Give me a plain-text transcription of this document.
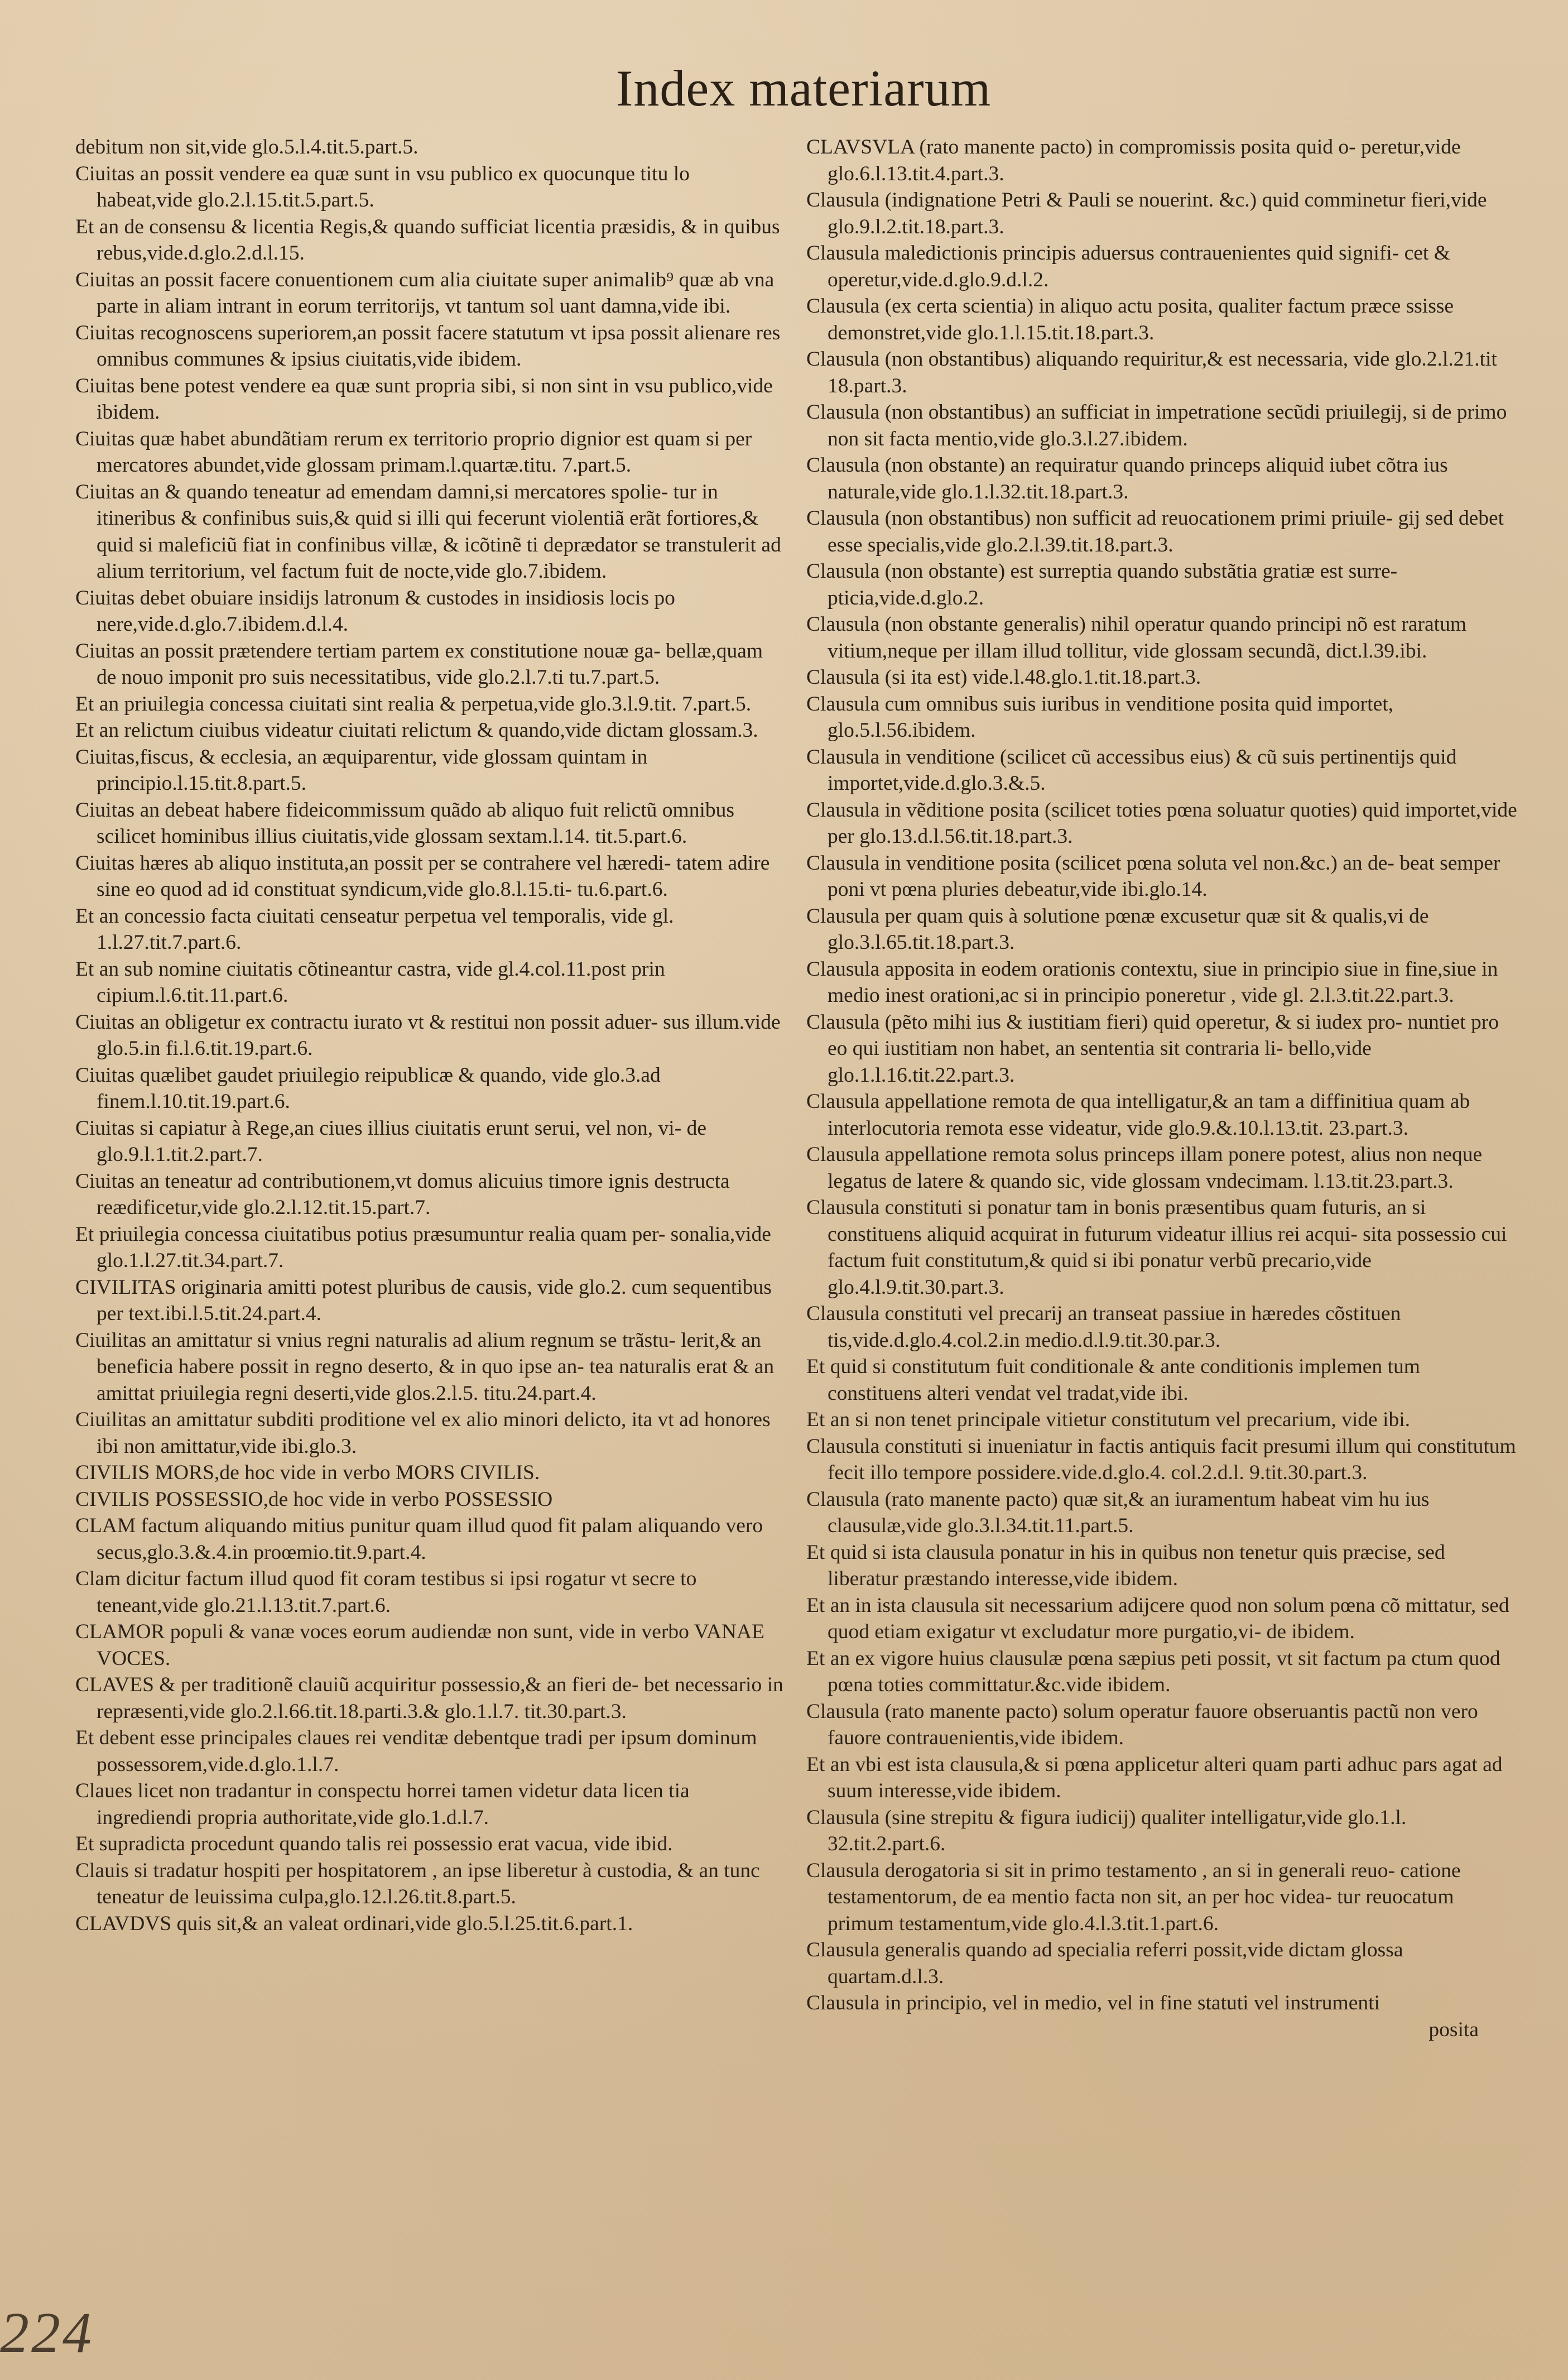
Index materiarum
debitum non sit,vide glo.5.l.4.tit.5.part.5.
Ciuitas an possit vendere ea quæ sunt in vsu publico ex quocunque titu lo habeat,vide glo.2.l.15.tit.5.part.5.
Et an de consensu & licentia Regis,& quando sufficiat licentia præsidis, & in quibus rebus,vide.d.glo.2.d.l.15.
Ciuitas an possit facere conuentionem cum alia ciuitate super animalib⁹ quæ ab vna parte in aliam intrant in eorum territorijs, vt tantum sol uant damna,vide ibi.
Ciuitas recognoscens superiorem,an possit facere statutum vt ipsa possit alienare res omnibus communes & ipsius ciuitatis,vide ibidem.
Ciuitas bene potest vendere ea quæ sunt propria sibi, si non sint in vsu publico,vide ibidem.
Ciuitas quæ habet abundãtiam rerum ex territorio proprio dignior est quam si per mercatores abundet,vide glossam primam.l.quartæ.titu. 7.part.5.
Ciuitas an & quando teneatur ad emendam damni,si mercatores spolie- tur in itineribus & confinibus suis,& quid si illi qui fecerunt violentiã erãt fortiores,& quid si maleficiũ fiat in confinibus villæ, & icõtinẽ ti deprædator se transtulerit ad alium territorium, vel factum fuit de nocte,vide glo.7.ibidem.
Ciuitas debet obuiare insidijs latronum & custodes in insidiosis locis po nere,vide.d.glo.7.ibidem.d.l.4.
Ciuitas an possit prætendere tertiam partem ex constitutione nouæ ga- bellæ,quam de nouo imponit pro suis necessitatibus, vide glo.2.l.7.ti tu.7.part.5.
Et an priuilegia concessa ciuitati sint realia & perpetua,vide glo.3.l.9.tit. 7.part.5.
Et an relictum ciuibus videatur ciuitati relictum & quando,vide dictam glossam.3.
Ciuitas,fiscus, & ecclesia, an æquiparentur, vide glossam quintam in principio.l.15.tit.8.part.5.
Ciuitas an debeat habere fideicommissum quãdo ab aliquo fuit relictũ omnibus scilicet hominibus illius ciuitatis,vide glossam sextam.l.14. tit.5.part.6.
Ciuitas hæres ab aliquo instituta,an possit per se contrahere vel hæredi- tatem adire sine eo quod ad id constituat syndicum,vide glo.8.l.15.ti- tu.6.part.6.
Et an concessio facta ciuitati censeatur perpetua vel temporalis, vide gl. 1.l.27.tit.7.part.6.
Et an sub nomine ciuitatis cõtineantur castra, vide gl.4.col.11.post prin cipium.l.6.tit.11.part.6.
Ciuitas an obligetur ex contractu iurato vt & restitui non possit aduer- sus illum.vide glo.5.in fi.l.6.tit.19.part.6.
Ciuitas quælibet gaudet priuilegio reipublicæ & quando, vide glo.3.ad finem.l.10.tit.19.part.6.
Ciuitas si capiatur à Rege,an ciues illius ciuitatis erunt serui, vel non, vi- de glo.9.l.1.tit.2.part.7.
Ciuitas an teneatur ad contributionem,vt domus alicuius timore ignis destructa reædificetur,vide glo.2.l.12.tit.15.part.7.
Et priuilegia concessa ciuitatibus potius præsumuntur realia quam per- sonalia,vide glo.1.l.27.tit.34.part.7.
CIVILITAS originaria amitti potest pluribus de causis, vide glo.2. cum sequentibus per text.ibi.l.5.tit.24.part.4.
Ciuilitas an amittatur si vnius regni naturalis ad alium regnum se trãstu- lerit,& an beneficia habere possit in regno deserto, & in quo ipse an- tea naturalis erat & an amittat priuilegia regni deserti,vide glos.2.l.5. titu.24.part.4.
Ciuilitas an amittatur subditi proditione vel ex alio minori delicto, ita vt ad honores ibi non amittatur,vide ibi.glo.3.
CIVILIS MORS,de hoc vide in verbo MORS CIVILIS.
CIVILIS POSSESSIO,de hoc vide in verbo POSSESSIO
CLAM factum aliquando mitius punitur quam illud quod fit palam aliquando vero secus,glo.3.&.4.in proœmio.tit.9.part.4.
Clam dicitur factum illud quod fit coram testibus si ipsi rogatur vt secre to teneant,vide glo.21.l.13.tit.7.part.6.
CLAMOR populi & vanæ voces eorum audiendæ non sunt, vide in verbo VANAE VOCES.
CLAVES & per traditionẽ clauiũ acquiritur possessio,& an fieri de- bet necessario in repræsenti,vide glo.2.l.66.tit.18.parti.3.& glo.1.l.7. tit.30.part.3.
Et debent esse principales claues rei venditæ debentque tradi per ipsum dominum possessorem,vide.d.glo.1.l.7.
Claues licet non tradantur in conspectu horrei tamen videtur data licen tia ingrediendi propria authoritate,vide glo.1.d.l.7.
Et supradicta procedunt quando talis rei possessio erat vacua, vide ibid.
Clauis si tradatur hospiti per hospitatorem , an ipse liberetur à custodia, & an tunc teneatur de leuissima culpa,glo.12.l.26.tit.8.part.5.
CLAVDVS quis sit,& an valeat ordinari,vide glo.5.l.25.tit.6.part.1.
CLAVSVLA (rato manente pacto) in compromissis posita quid o- peretur,vide glo.6.l.13.tit.4.part.3.
Clausula (indignatione Petri & Pauli se nouerint. &c.) quid comminetur fieri,vide glo.9.l.2.tit.18.part.3.
Clausula maledictionis principis aduersus contrauenientes quid signifi- cet & operetur,vide.d.glo.9.d.l.2.
Clausula (ex certa scientia) in aliquo actu posita, qualiter factum præce ssisse demonstret,vide glo.1.l.15.tit.18.part.3.
Clausula (non obstantibus) aliquando requiritur,& est necessaria, vide glo.2.l.21.tit 18.part.3.
Clausula (non obstantibus) an sufficiat in impetratione secũdi priuilegij, si de primo non sit facta mentio,vide glo.3.l.27.ibidem.
Clausula (non obstante) an requiratur quando princeps aliquid iubet cõtra ius naturale,vide glo.1.l.32.tit.18.part.3.
Clausula (non obstantibus) non sufficit ad reuocationem primi priuile- gij sed debet esse specialis,vide glo.2.l.39.tit.18.part.3.
Clausula (non obstante) est surreptia quando substãtia gratiæ est surre- pticia,vide.d.glo.2.
Clausula (non obstante generalis) nihil operatur quando principi nõ est raratum vitium,neque per illam illud tollitur, vide glossam secundã, dict.l.39.ibi.
Clausula (si ita est) vide.l.48.glo.1.tit.18.part.3.
Clausula cum omnibus suis iuribus in venditione posita quid importet, glo.5.l.56.ibidem.
Clausula in venditione (scilicet cũ accessibus eius) & cũ suis pertinentijs quid importet,vide.d.glo.3.&.5.
Clausula in vẽditione posita (scilicet toties pœna soluatur quoties) quid importet,vide per glo.13.d.l.56.tit.18.part.3.
Clausula in venditione posita (scilicet pœna soluta vel non.&c.) an de- beat semper poni vt pœna pluries debeatur,vide ibi.glo.14.
Clausula per quam quis à solutione pœnæ excusetur quæ sit & qualis,vi de glo.3.l.65.tit.18.part.3.
Clausula apposita in eodem orationis contextu, siue in principio siue in fine,siue in medio inest orationi,ac si in principio poneretur , vide gl. 2.l.3.tit.22.part.3.
Clausula (pẽto mihi ius & iustitiam fieri) quid operetur, & si iudex pro- nuntiet pro eo qui iustitiam non habet, an sententia sit contraria li- bello,vide glo.1.l.16.tit.22.part.3.
Clausula appellatione remota de qua intelligatur,& an tam a diffinitiua quam ab interlocutoria remota esse videatur, vide glo.9.&.10.l.13.tit. 23.part.3.
Clausula appellatione remota solus princeps illam ponere potest, alius non neque legatus de latere & quando sic, vide glossam vndecimam. l.13.tit.23.part.3.
Clausula constituti si ponatur tam in bonis præsentibus quam futuris, an si constituens aliquid acquirat in futurum videatur illius rei acqui- sita possessio cui factum fuit constitutum,& quid si ibi ponatur verbũ precario,vide glo.4.l.9.tit.30.part.3.
Clausula constituti vel precarij an transeat passiue in hæredes cõstituen tis,vide.d.glo.4.col.2.in medio.d.l.9.tit.30.par.3.
Et quid si constitutum fuit conditionale & ante conditionis implemen tum constituens alteri vendat vel tradat,vide ibi.
Et an si non tenet principale vitietur constitutum vel precarium, vide ibi.
Clausula constituti si inueniatur in factis antiquis facit presumi illum qui constitutum fecit illo tempore possidere.vide.d.glo.4. col.2.d.l. 9.tit.30.part.3.
Clausula (rato manente pacto) quæ sit,& an iuramentum habeat vim hu ius clausulæ,vide glo.3.l.34.tit.11.part.5.
Et quid si ista clausula ponatur in his in quibus non tenetur quis præcise, sed liberatur præstando interesse,vide ibidem.
Et an in ista clausula sit necessarium adijcere quod non solum pœna cõ mittatur, sed quod etiam exigatur vt excludatur more purgatio,vi- de ibidem.
Et an ex vigore huius clausulæ pœna sæpius peti possit, vt sit factum pa ctum quod pœna toties committatur.&c.vide ibidem.
Clausula (rato manente pacto) solum operatur fauore obseruantis pactũ non vero fauore contrauenientis,vide ibidem.
Et an vbi est ista clausula,& si pœna applicetur alteri quam parti adhuc pars agat ad suum interesse,vide ibidem.
Clausula (sine strepitu & figura iudicij) qualiter intelligatur,vide glo.1.l. 32.tit.2.part.6.
Clausula derogatoria si sit in primo testamento , an si in generali reuo- catione testamentorum, de ea mentio facta non sit, an per hoc videa- tur reuocatum primum testamentum,vide glo.4.l.3.tit.1.part.6.
Clausula generalis quando ad specialia referri possit,vide dictam glossa quartam.d.l.3.
Clausula in principio, vel in medio, vel in fine statuti vel instrumenti
posita
224
